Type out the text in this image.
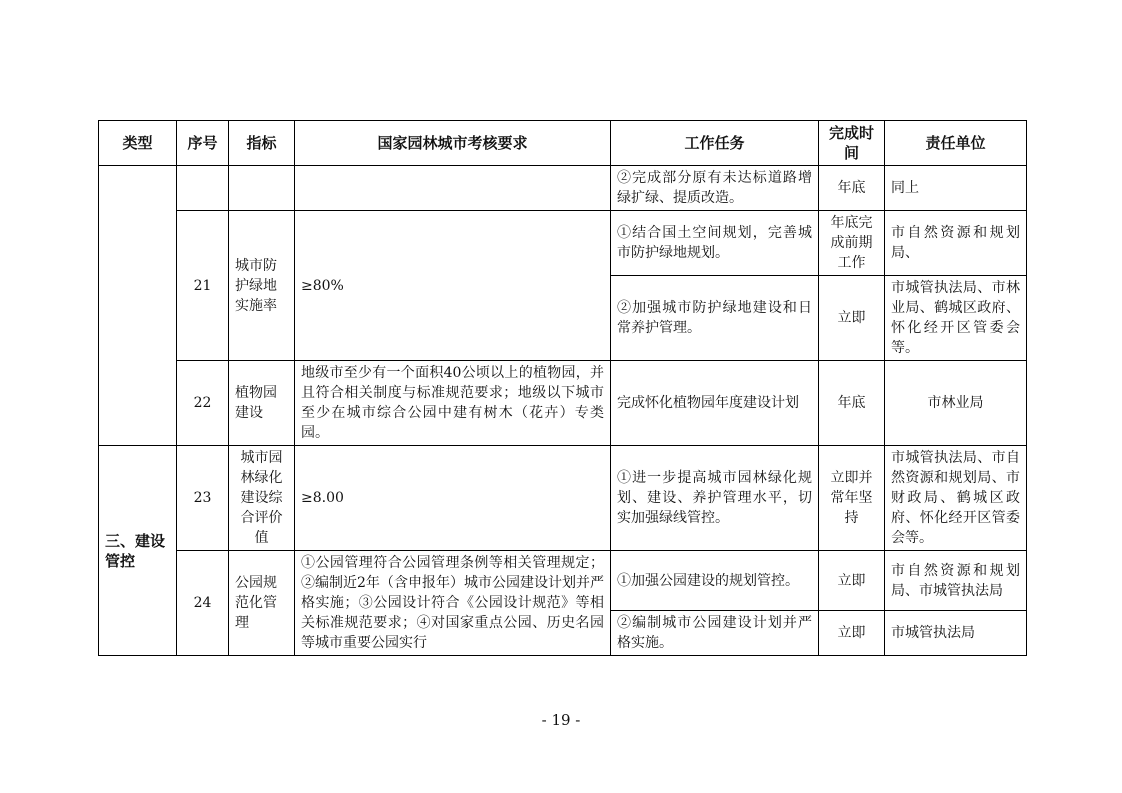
类型	序号	指标	国家园林城市考核要求	工作任务	完成时间	责任单位
				②完成部分原有未达标道路增绿扩绿、提质改造。	年底	同上
	21	城市防护绿地实施率	≥80%	①结合国土空间规划，完善城市防护绿地规划。	年底完成前期工作	市自然资源和规划局、
				②加强城市防护绿地建设和日常养护管理。	立即	市城管执法局、市林业局、鹤城区政府、怀化经开区管委会等。
	22	植物园建设	地级市至少有一个面积40公顷以上的植物园，并且符合相关制度与标准规范要求；地级以下城市至少在城市综合公园中建有树木（花卉）专类园。	完成怀化植物园年度建设计划	年底	市林业局
三、建设管控	23	城市园林绿化建设综合评价值	≥8.00	①进一步提高城市园林绿化规划、建设、养护管理水平，切实加强绿线管控。	立即并常年坚持	市城管执法局、市自然资源和规划局、市财政局、鹤城区政府、怀化经开区管委会等。
	24	公园规范化管理	①公园管理符合公园管理条例等相关管理规定；②编制近2年（含申报年）城市公园建设计划并严格实施；③公园设计符合《公园设计规范》等相关标准规范要求；④对国家重点公园、历史名园等城市重要公园实行	①加强公园建设的规划管控。	立即	市自然资源和规划局、市城管执法局
				②编制城市公园建设计划并严格实施。	立即	市城管执法局
- 19 -
